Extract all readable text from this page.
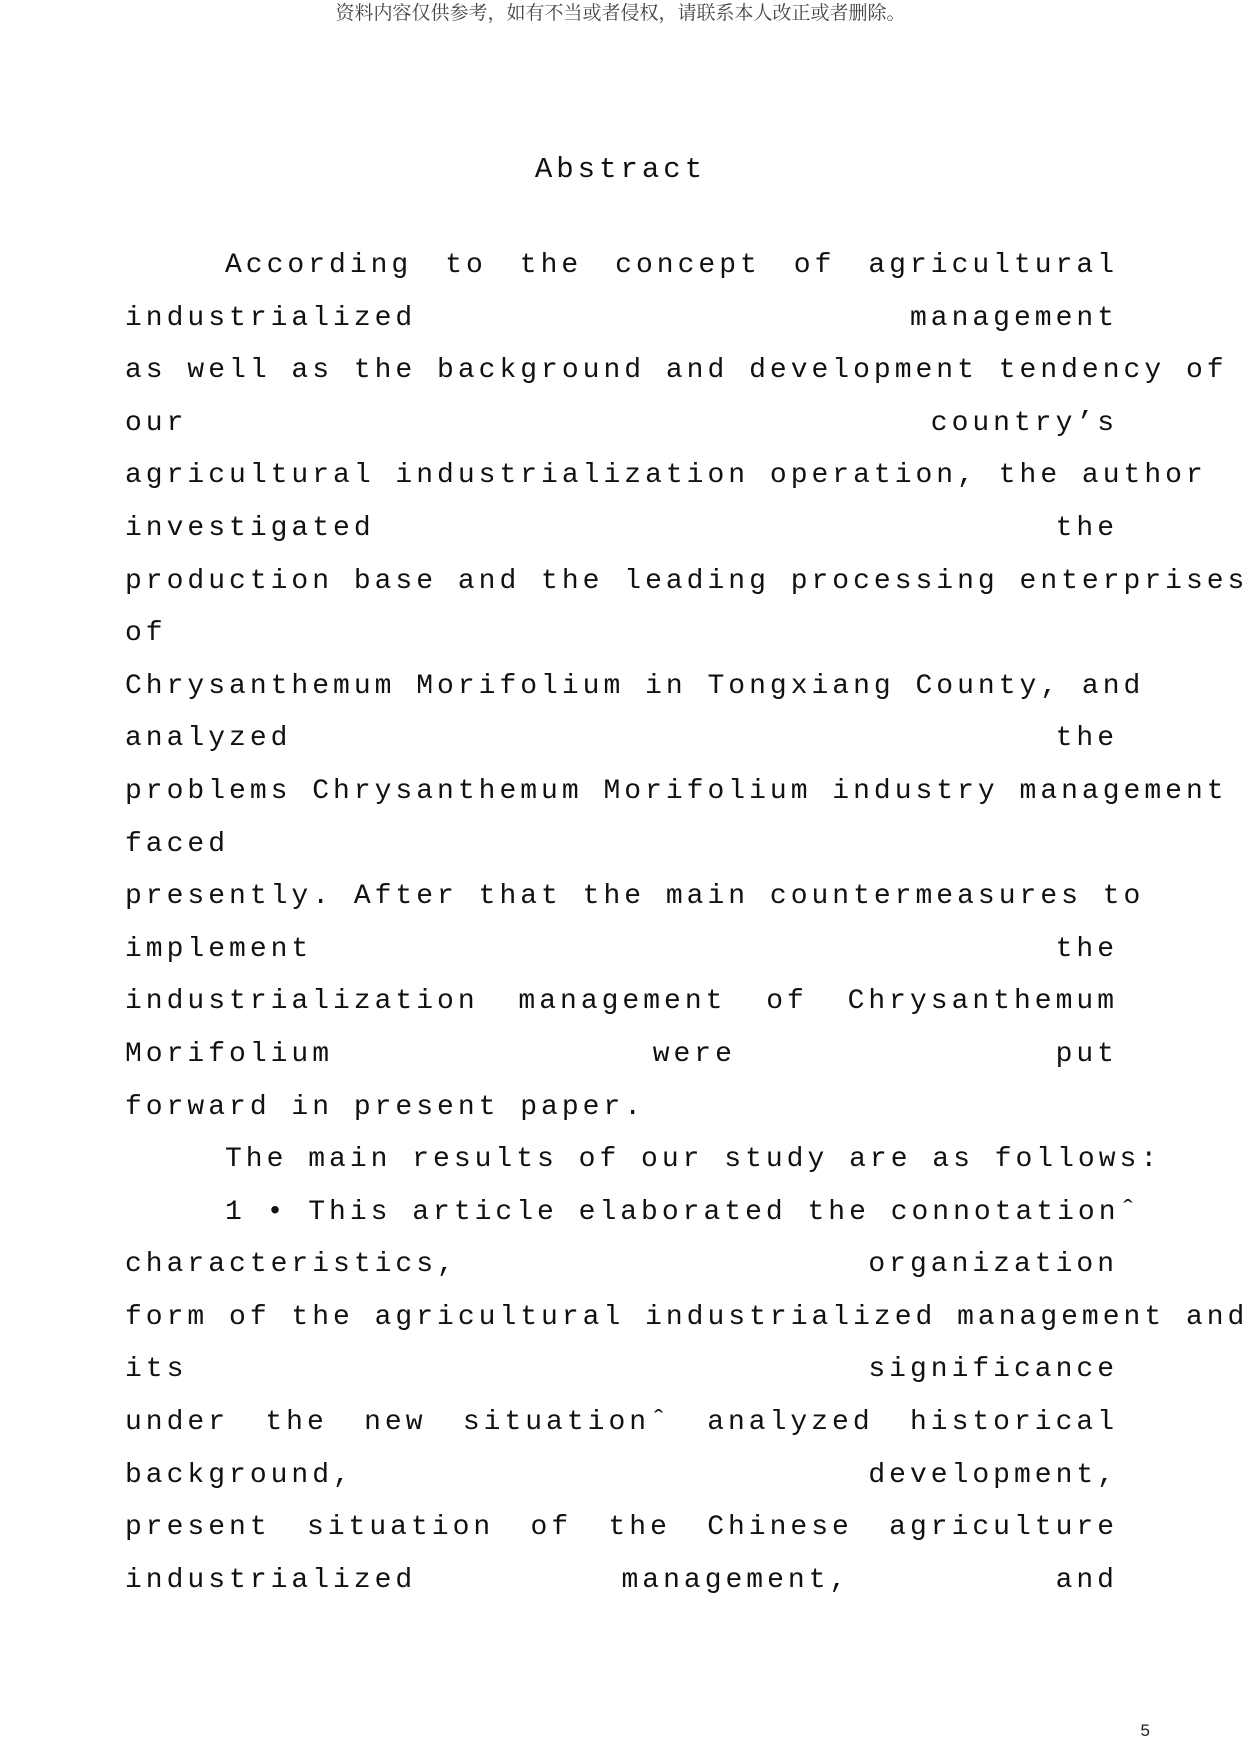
资料内容仅供参考，如有不当或者侵权，请联系本人改正或者删除。
Abstract
According to the concept of agricultural
industrialized management
as well as the background and development tendency of
our country’s
agricultural industrialization operation, the author
investigated the
production base and the leading processing enterprises
of
Chrysanthemum Morifolium in Tongxiang County, and
analyzed the
problems Chrysanthemum Morifolium industry management
faced
presently. After that the main countermeasures to
implement the
industrialization management of Chrysanthemum
Morifolium were put
forward in present paper.
The main results of our study are as follows:
1 • This article elaborated the connotationˆ
characteristics, organization
form of the agricultural industrialized management and
its significance
under the new situationˆ analyzed historical
background, development,
present situation of the Chinese agriculture
industrialized management, and
5
